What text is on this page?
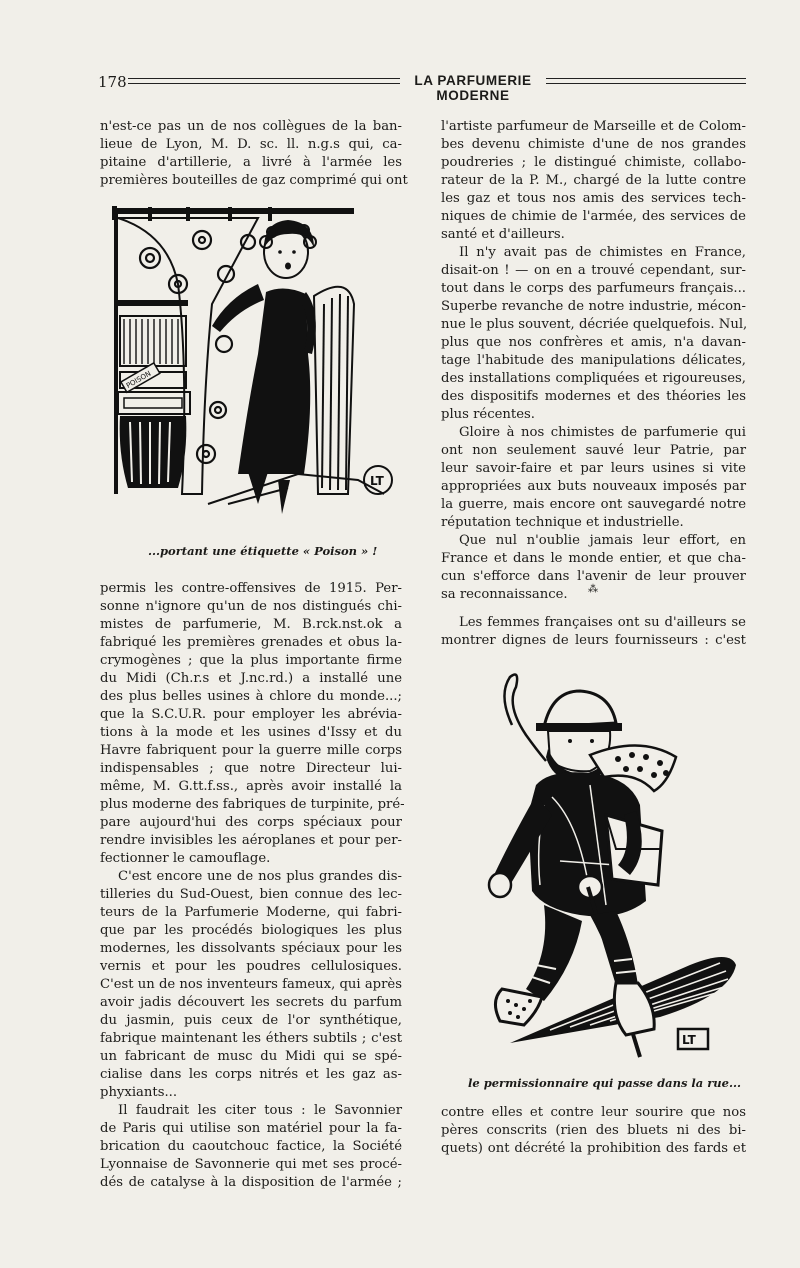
178	LA PARFUMERIE MODERNE
n'est-ce pas un de nos collègues de la ban-
lieue de Lyon, M. D. sc. ll. n.g.s qui, ca-
pitaine d'artillerie, a livré à l'armée les
premières bouteilles de gaz comprimé qui ont
POISON
LT
...portant une étiquette « Poison » !
permis les contre-offensives de 1915. Per-
sonne n'ignore qu'un de nos distingués chi-
mistes de parfumerie, M. B.rck.nst.ok a
fabriqué les premières grenades et obus la-
crymogènes ; que la plus importante firme
du Midi (Ch.r.s et J.nc.rd.) a installé une
des plus belles usines à chlore du monde...;
que la S.C.U.R. pour employer les abrévia-
tions à la mode et les usines d'Issy et du
Havre fabriquent pour la guerre mille corps
indispensables ; que notre Directeur lui-
même, M. G.tt.f.ss., après avoir installé la
plus moderne des fabriques de turpinite, pré-
pare aujourd'hui des corps spéciaux pour
rendre invisibles les aéroplanes et pour per-
fectionner le camouflage.
C'est encore une de nos plus grandes dis-
tilleries du Sud-Ouest, bien connue des lec-
teurs de la Parfumerie Moderne, qui fabri-
que par les procédés biologiques les plus
modernes, les dissolvants spéciaux pour les
vernis et pour les poudres cellulosiques.
C'est un de nos inventeurs fameux, qui après
avoir jadis découvert les secrets du parfum
du jasmin, puis ceux de l'or synthétique,
fabrique maintenant les éthers subtils ; c'est
un fabricant de musc du Midi qui se spé-
cialise dans les corps nitrés et les gaz as-
phyxiants...
Il faudrait les citer tous : le Savonnier
de Paris qui utilise son matériel pour la fa-
brication du caoutchouc factice, la Société
Lyonnaise de Savonnerie qui met ses procé-
dés de catalyse à la disposition de l'armée ;
l'artiste parfumeur de Marseille et de Colom-
bes devenu chimiste d'une de nos grandes
poudreries ; le distingué chimiste, collabo-
rateur de la P. M., chargé de la lutte contre
les gaz et tous nos amis des services tech-
niques de chimie de l'armée, des services de
santé et d'ailleurs.
Il n'y avait pas de chimistes en France,
disait-on ! — on en a trouvé cependant, sur-
tout dans le corps des parfumeurs français...
Superbe revanche de notre industrie, mécon-
nue le plus souvent, décriée quelquefois. Nul,
plus que nos confrères et amis, n'a davan-
tage l'habitude des manipulations délicates,
des installations compliquées et rigoureuses,
des dispositifs modernes et des théories les
plus récentes.
Gloire à nos chimistes de parfumerie qui
ont non seulement sauvé leur Patrie, par
leur savoir-faire et par leurs usines si vite
appropriées aux buts nouveaux imposés par
la guerre, mais encore ont sauvegardé notre
réputation technique et industrielle.
Que nul n'oublie jamais leur effort, en
France et dans le monde entier, et que cha-
cun s'efforce dans l'avenir de leur prouver
sa reconnaissance.	⁂
Les femmes françaises ont su d'ailleurs se
montrer dignes de leurs fournisseurs : c'est
LT
le permissionnaire qui passe dans la rue...
contre elles et contre leur sourire que nos
pères conscrits (rien des bluets ni des bi-
quets) ont décrété la prohibition des fards et
